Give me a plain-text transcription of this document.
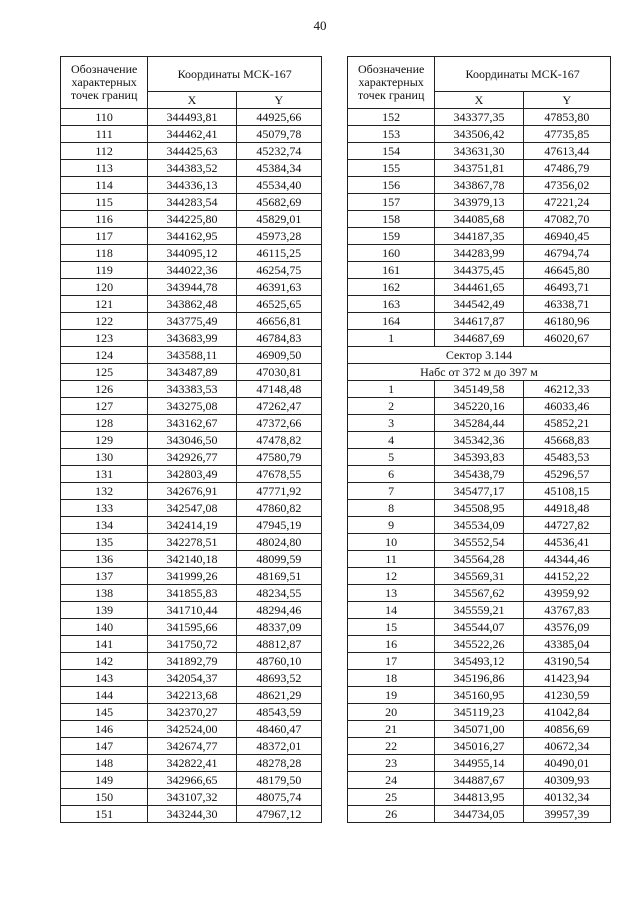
40
Обозначение характерных точек границ	Координаты МСК-167	
	X	Y
110	344493,81	44925,66
111	344462,41	45079,78
112	344425,63	45232,74
113	344383,52	45384,34
114	344336,13	45534,40
115	344283,54	45682,69
116	344225,80	45829,01
117	344162,95	45973,28
118	344095,12	46115,25
119	344022,36	46254,75
120	343944,78	46391,63
121	343862,48	46525,65
122	343775,49	46656,81
123	343683,99	46784,83
124	343588,11	46909,50
125	343487,89	47030,81
126	343383,53	47148,48
127	343275,08	47262,47
128	343162,67	47372,66
129	343046,50	47478,82
130	342926,77	47580,79
131	342803,49	47678,55
132	342676,91	47771,92
133	342547,08	47860,82
134	342414,19	47945,19
135	342278,51	48024,80
136	342140,18	48099,59
137	341999,26	48169,51
138	341855,83	48234,55
139	341710,44	48294,46
140	341595,66	48337,09
141	341750,72	48812,87
142	341892,79	48760,10
143	342054,37	48693,52
144	342213,68	48621,29
145	342370,27	48543,59
146	342524,00	48460,47
147	342674,77	48372,01
148	342822,41	48278,28
149	342966,65	48179,50
150	343107,32	48075,74
151	343244,30	47967,12
Обозначение характерных точек границ	Координаты МСК-167	
	X	Y
152	343377,35	47853,80
153	343506,42	47735,85
154	343631,30	47613,44
155	343751,81	47486,79
156	343867,78	47356,02
157	343979,13	47221,24
158	344085,68	47082,70
159	344187,35	46940,45
160	344283,99	46794,74
161	344375,45	46645,80
162	344461,65	46493,71
163	344542,49	46338,71
164	344617,87	46180,96
1	344687,69	46020,67
Сектор 3.144		
Набс от 372 м до 397 м		
1	345149,58	46212,33
2	345220,16	46033,46
3	345284,44	45852,21
4	345342,36	45668,83
5	345393,83	45483,53
6	345438,79	45296,57
7	345477,17	45108,15
8	345508,95	44918,48
9	345534,09	44727,82
10	345552,54	44536,41
11	345564,28	44344,46
12	345569,31	44152,22
13	345567,62	43959,92
14	345559,21	43767,83
15	345544,07	43576,09
16	345522,26	43385,04
17	345493,12	43190,54
18	345196,86	41423,94
19	345160,95	41230,59
20	345119,23	41042,84
21	345071,00	40856,69
22	345016,27	40672,34
23	344955,14	40490,01
24	344887,67	40309,93
25	344813,95	40132,34
26	344734,05	39957,39
